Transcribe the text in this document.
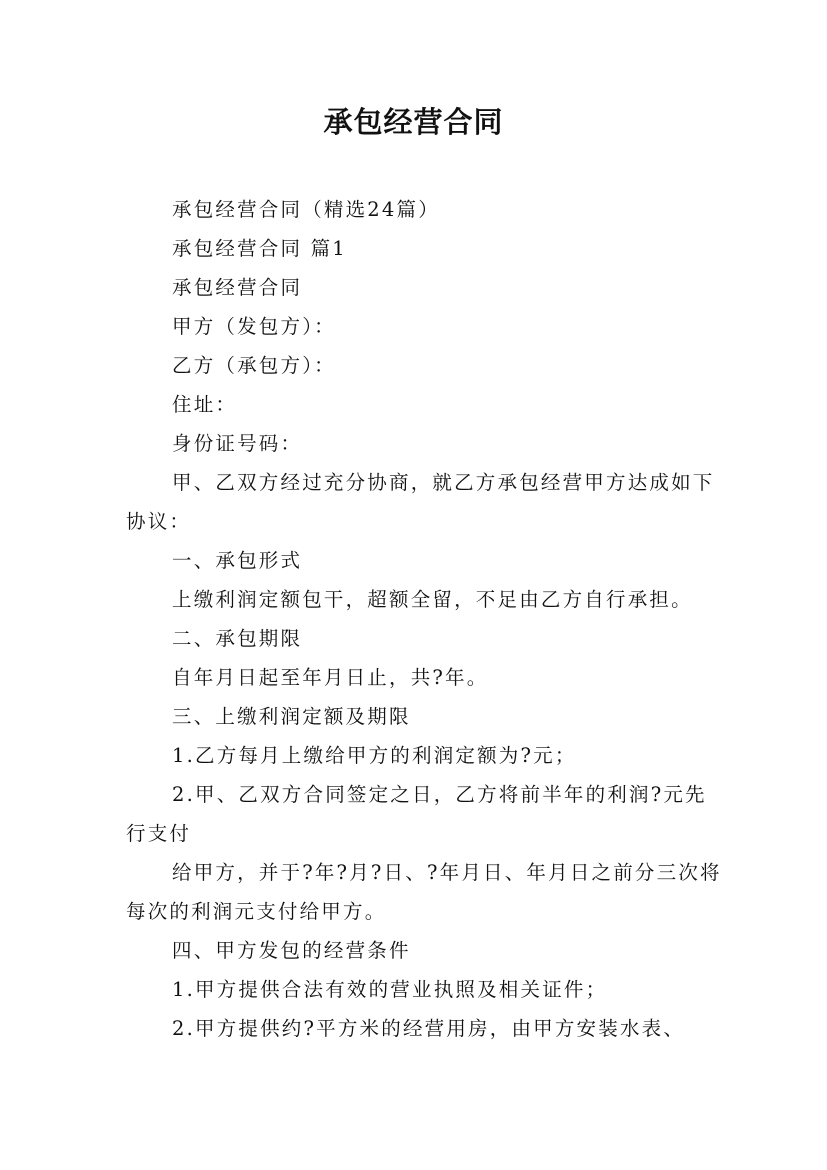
承包经营合同

承包经营合同（精选24篇）

承包经营合同 篇1

承包经营合同

甲方（发包方）：

乙方（承包方）：

住址：

身份证号码：

甲、乙双方经过充分协商，就乙方承包经营甲方达成如下协议：

一、承包形式

上缴利润定额包干，超额全留，不足由乙方自行承担。

二、承包期限

自年月日起至年月日止，共?年。

三、上缴利润定额及期限

1.乙方每月上缴给甲方的利润定额为?元；

2.甲、乙双方合同签定之日，乙方将前半年的利润?元先行支付

给甲方，并于?年?月?日、?年月日、年月日之前分三次将每次的利润元支付给甲方。

四、甲方发包的经营条件

1.甲方提供合法有效的营业执照及相关证件；

2.甲方提供约?平方米的经营用房，由甲方安装水表、
